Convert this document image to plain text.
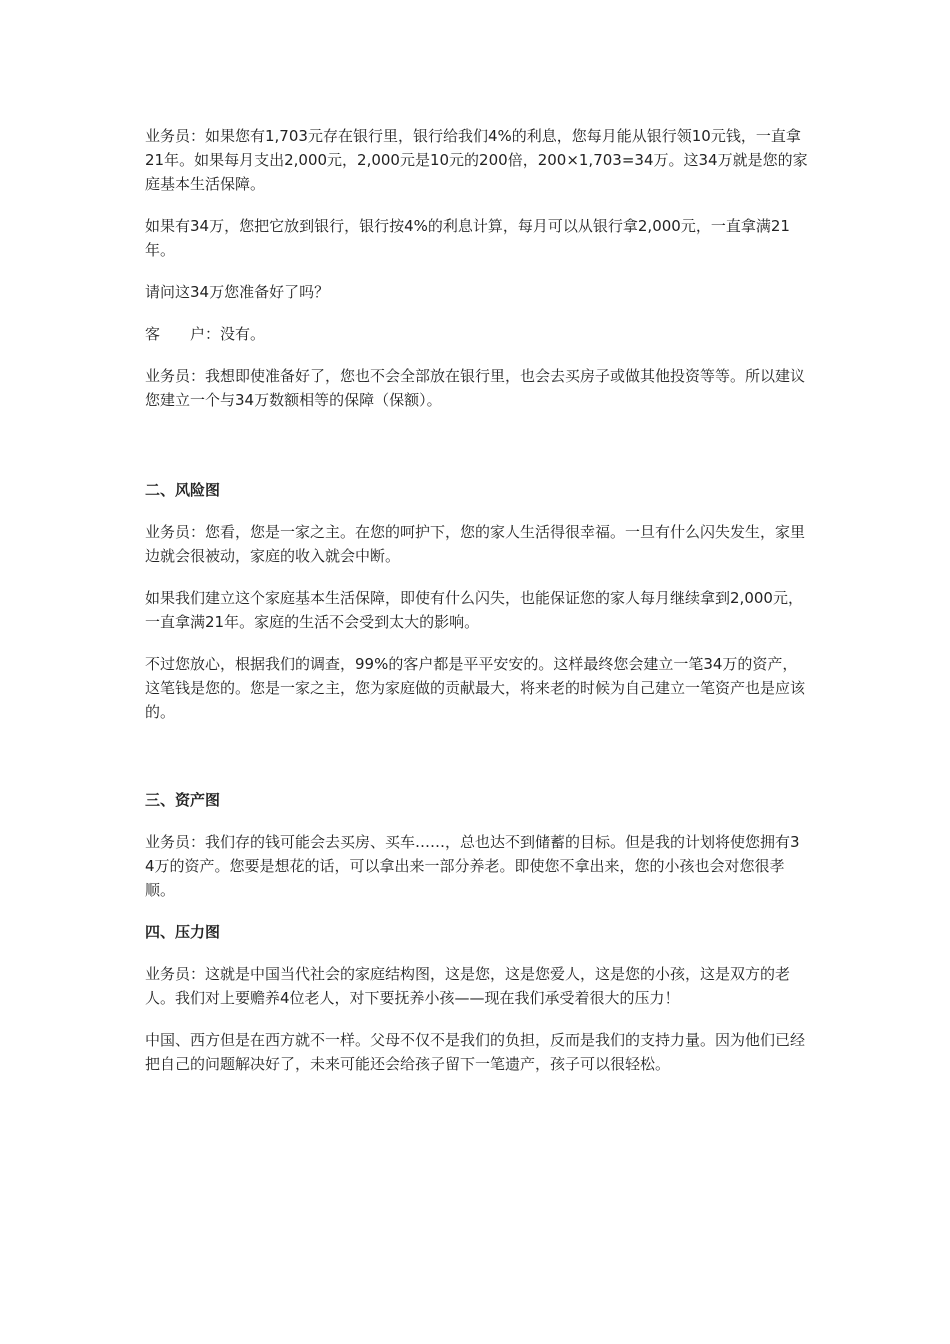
业务员：如果您有1,703元存在银行里，银行给我们4%的利息，您每月能从银行领10元钱，一直拿21年。如果每月支出2,000元，2,000元是10元的200倍，200×1,703=34万。这34万就是您的家庭基本生活保障。

如果有34万，您把它放到银行，银行按4%的利息计算，每月可以从银行拿2,000元，一直拿满21年。

请问这34万您准备好了吗？

客　　户：没有。

业务员：我想即使准备好了，您也不会全部放在银行里，也会去买房子或做其他投资等等。所以建议您建立一个与34万数额相等的保障（保额）。

二、风险图

业务员：您看，您是一家之主。在您的呵护下，您的家人生活得很幸福。一旦有什么闪失发生，家里边就会很被动，家庭的收入就会中断。

如果我们建立这个家庭基本生活保障，即使有什么闪失，也能保证您的家人每月继续拿到2,000元，一直拿满21年。家庭的生活不会受到太大的影响。

不过您放心，根据我们的调查，99%的客户都是平平安安的。这样最终您会建立一笔34万的资产，这笔钱是您的。您是一家之主，您为家庭做的贡献最大，将来老的时候为自己建立一笔资产也是应该的。

三、资产图

业务员：我们存的钱可能会去买房、买车……，总也达不到储蓄的目标。但是我的计划将使您拥有34万的资产。您要是想花的话，可以拿出来一部分养老。即使您不拿出来，您的小孩也会对您很孝顺。

四、压力图

业务员：这就是中国当代社会的家庭结构图，这是您，这是您爱人，这是您的小孩，这是双方的老人。我们对上要赡养4位老人，对下要抚养小孩——现在我们承受着很大的压力！

中国、西方但是在西方就不一样。父母不仅不是我们的负担，反而是我们的支持力量。因为他们已经把自己的问题解决好了，未来可能还会给孩子留下一笔遗产，孩子可以很轻松。
